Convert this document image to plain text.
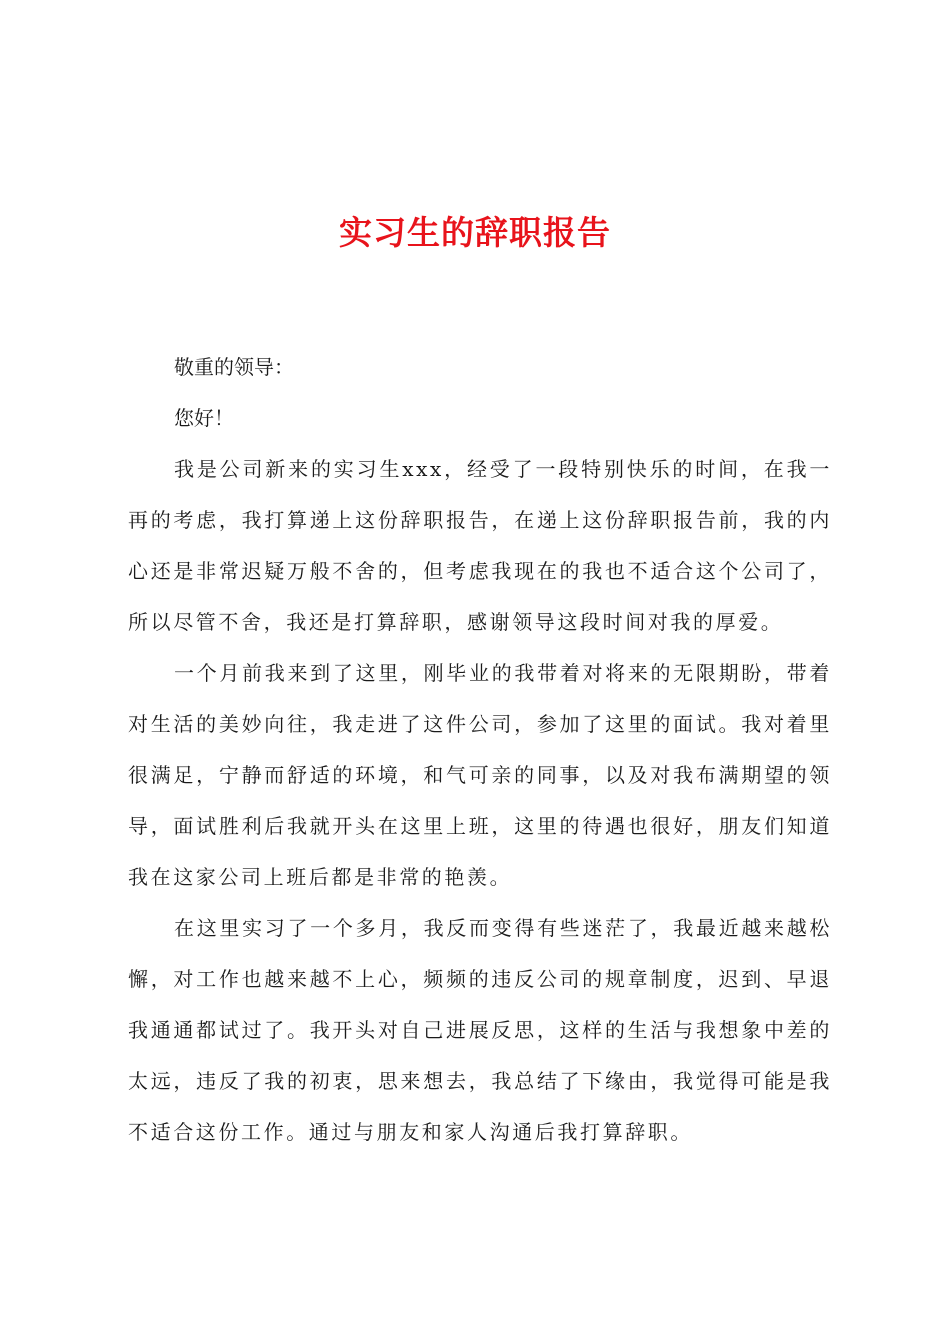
实习生的辞职报告

敬重的领导：

您好！

我是公司新来的实习生xxx，经受了一段特别快乐的时间，在我一再的考虑，我打算递上这份辞职报告，在递上这份辞职报告前，我的内心还是非常迟疑万般不舍的，但考虑我现在的我也不适合这个公司了，所以尽管不舍，我还是打算辞职，感谢领导这段时间对我的厚爱。

一个月前我来到了这里，刚毕业的我带着对将来的无限期盼，带着对生活的美妙向往，我走进了这件公司，参加了这里的面试。我对着里很满足，宁静而舒适的环境，和气可亲的同事，以及对我布满期望的领导，面试胜利后我就开头在这里上班，这里的待遇也很好，朋友们知道我在这家公司上班后都是非常的艳羡。

在这里实习了一个多月，我反而变得有些迷茫了，我最近越来越松懈，对工作也越来越不上心，频频的违反公司的规章制度，迟到、早退我通通都试过了。我开头对自己进展反思，这样的生活与我想象中差的太远，违反了我的初衷，思来想去，我总结了下缘由，我觉得可能是我不适合这份工作。通过与朋友和家人沟通后我打算辞职。
